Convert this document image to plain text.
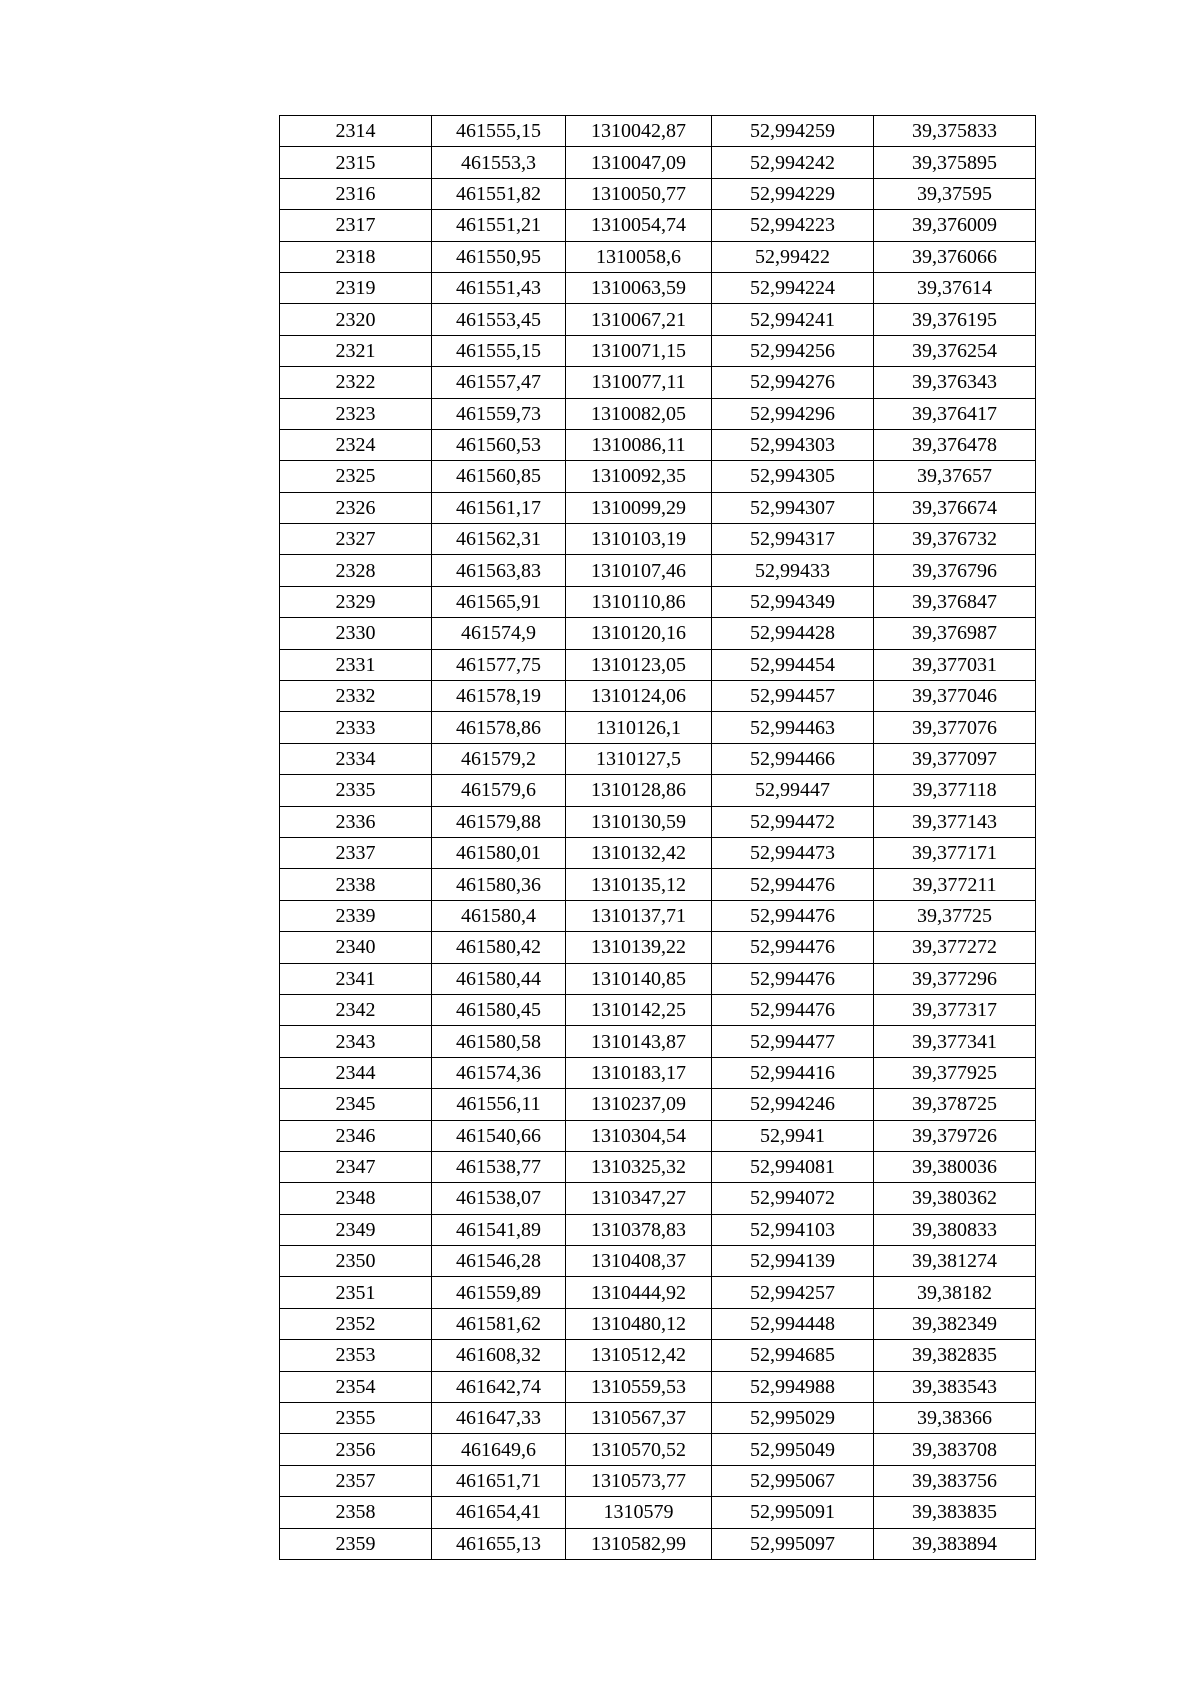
2314	461555,15	1310042,87	52,994259	39,375833
2315	461553,3	1310047,09	52,994242	39,375895
2316	461551,82	1310050,77	52,994229	39,37595
2317	461551,21	1310054,74	52,994223	39,376009
2318	461550,95	1310058,6	52,99422	39,376066
2319	461551,43	1310063,59	52,994224	39,37614
2320	461553,45	1310067,21	52,994241	39,376195
2321	461555,15	1310071,15	52,994256	39,376254
2322	461557,47	1310077,11	52,994276	39,376343
2323	461559,73	1310082,05	52,994296	39,376417
2324	461560,53	1310086,11	52,994303	39,376478
2325	461560,85	1310092,35	52,994305	39,37657
2326	461561,17	1310099,29	52,994307	39,376674
2327	461562,31	1310103,19	52,994317	39,376732
2328	461563,83	1310107,46	52,99433	39,376796
2329	461565,91	1310110,86	52,994349	39,376847
2330	461574,9	1310120,16	52,994428	39,376987
2331	461577,75	1310123,05	52,994454	39,377031
2332	461578,19	1310124,06	52,994457	39,377046
2333	461578,86	1310126,1	52,994463	39,377076
2334	461579,2	1310127,5	52,994466	39,377097
2335	461579,6	1310128,86	52,99447	39,377118
2336	461579,88	1310130,59	52,994472	39,377143
2337	461580,01	1310132,42	52,994473	39,377171
2338	461580,36	1310135,12	52,994476	39,377211
2339	461580,4	1310137,71	52,994476	39,37725
2340	461580,42	1310139,22	52,994476	39,377272
2341	461580,44	1310140,85	52,994476	39,377296
2342	461580,45	1310142,25	52,994476	39,377317
2343	461580,58	1310143,87	52,994477	39,377341
2344	461574,36	1310183,17	52,994416	39,377925
2345	461556,11	1310237,09	52,994246	39,378725
2346	461540,66	1310304,54	52,9941	39,379726
2347	461538,77	1310325,32	52,994081	39,380036
2348	461538,07	1310347,27	52,994072	39,380362
2349	461541,89	1310378,83	52,994103	39,380833
2350	461546,28	1310408,37	52,994139	39,381274
2351	461559,89	1310444,92	52,994257	39,38182
2352	461581,62	1310480,12	52,994448	39,382349
2353	461608,32	1310512,42	52,994685	39,382835
2354	461642,74	1310559,53	52,994988	39,383543
2355	461647,33	1310567,37	52,995029	39,38366
2356	461649,6	1310570,52	52,995049	39,383708
2357	461651,71	1310573,77	52,995067	39,383756
2358	461654,41	1310579	52,995091	39,383835
2359	461655,13	1310582,99	52,995097	39,383894
